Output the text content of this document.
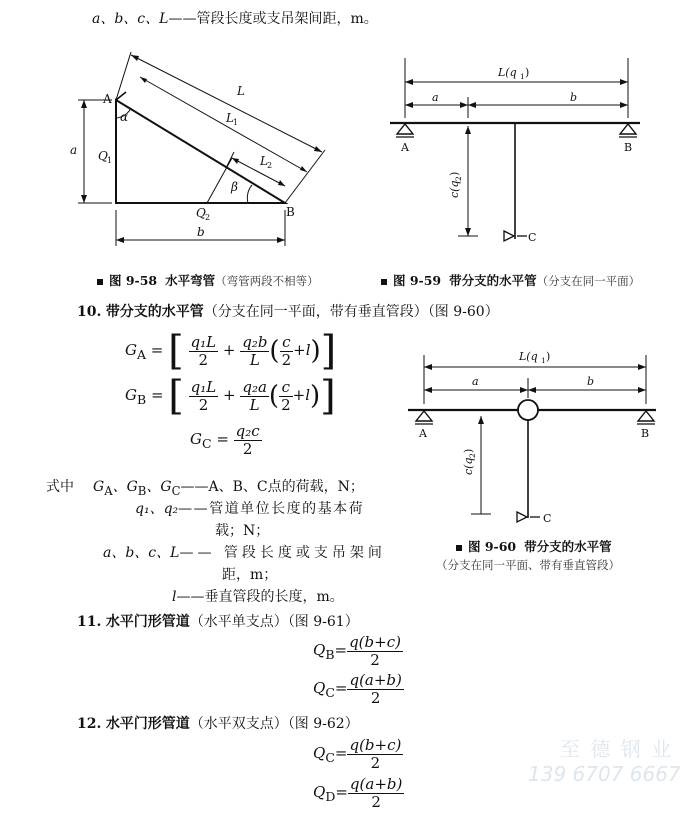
a、b、c、L——管段长度或支吊架间距，m。
A
B
α
β
Q 1
Q 2
a
b
L
L 1
L 2
图 9-58 水平弯管（弯管两段不相等）
L(q 1 )
a	b
A	B
C
c(q
2
)
图 9-59 带分支的水平管（分支在同一平面）
10. 带分支的水平管（分支在同一平面，带有垂直管段）（图 9-60）
$G_A$ = [ $\frac{\text{q₁L}}{2} + \frac{\text{q₂b}}{L}$ ( $\frac{c}{2} +l$)]
$G_B$ = [ $\frac{\text{q₁L}}{2} + \frac{\text{q₂a}}{L}$ ( $\frac{c}{2} +l$)]
$G_C = \frac{\text{q₂c}}{2}$
式中 $G_A$、$G_B$、$G_C——A$、B、C点的荷载，N；
q₁、q₂——管道单位长度的基本荷
载；N；
a、b、c、L—— 管段长度或支吊架间
距，m；
l——垂直管段的长度，m。
L(q 1 )
a	b
A	B
C
c(q
2
)
图 9-60 带分支的水平管
（分支在同一平面、带有垂直管段）
11. 水平门形管道（水平单支点）（图 9-61）
$Q_B= \frac{q(b+c)}{2}$
$Q_C= \frac{q(a+b)}{2}$
12. 水平门形管道（水平双支点）（图 9-62）
$Q_C= \frac{q(b+c)}{2}$
$Q_D= \frac{q(a+b)}{2}$
至 德 钢 业
139 6707 6667
